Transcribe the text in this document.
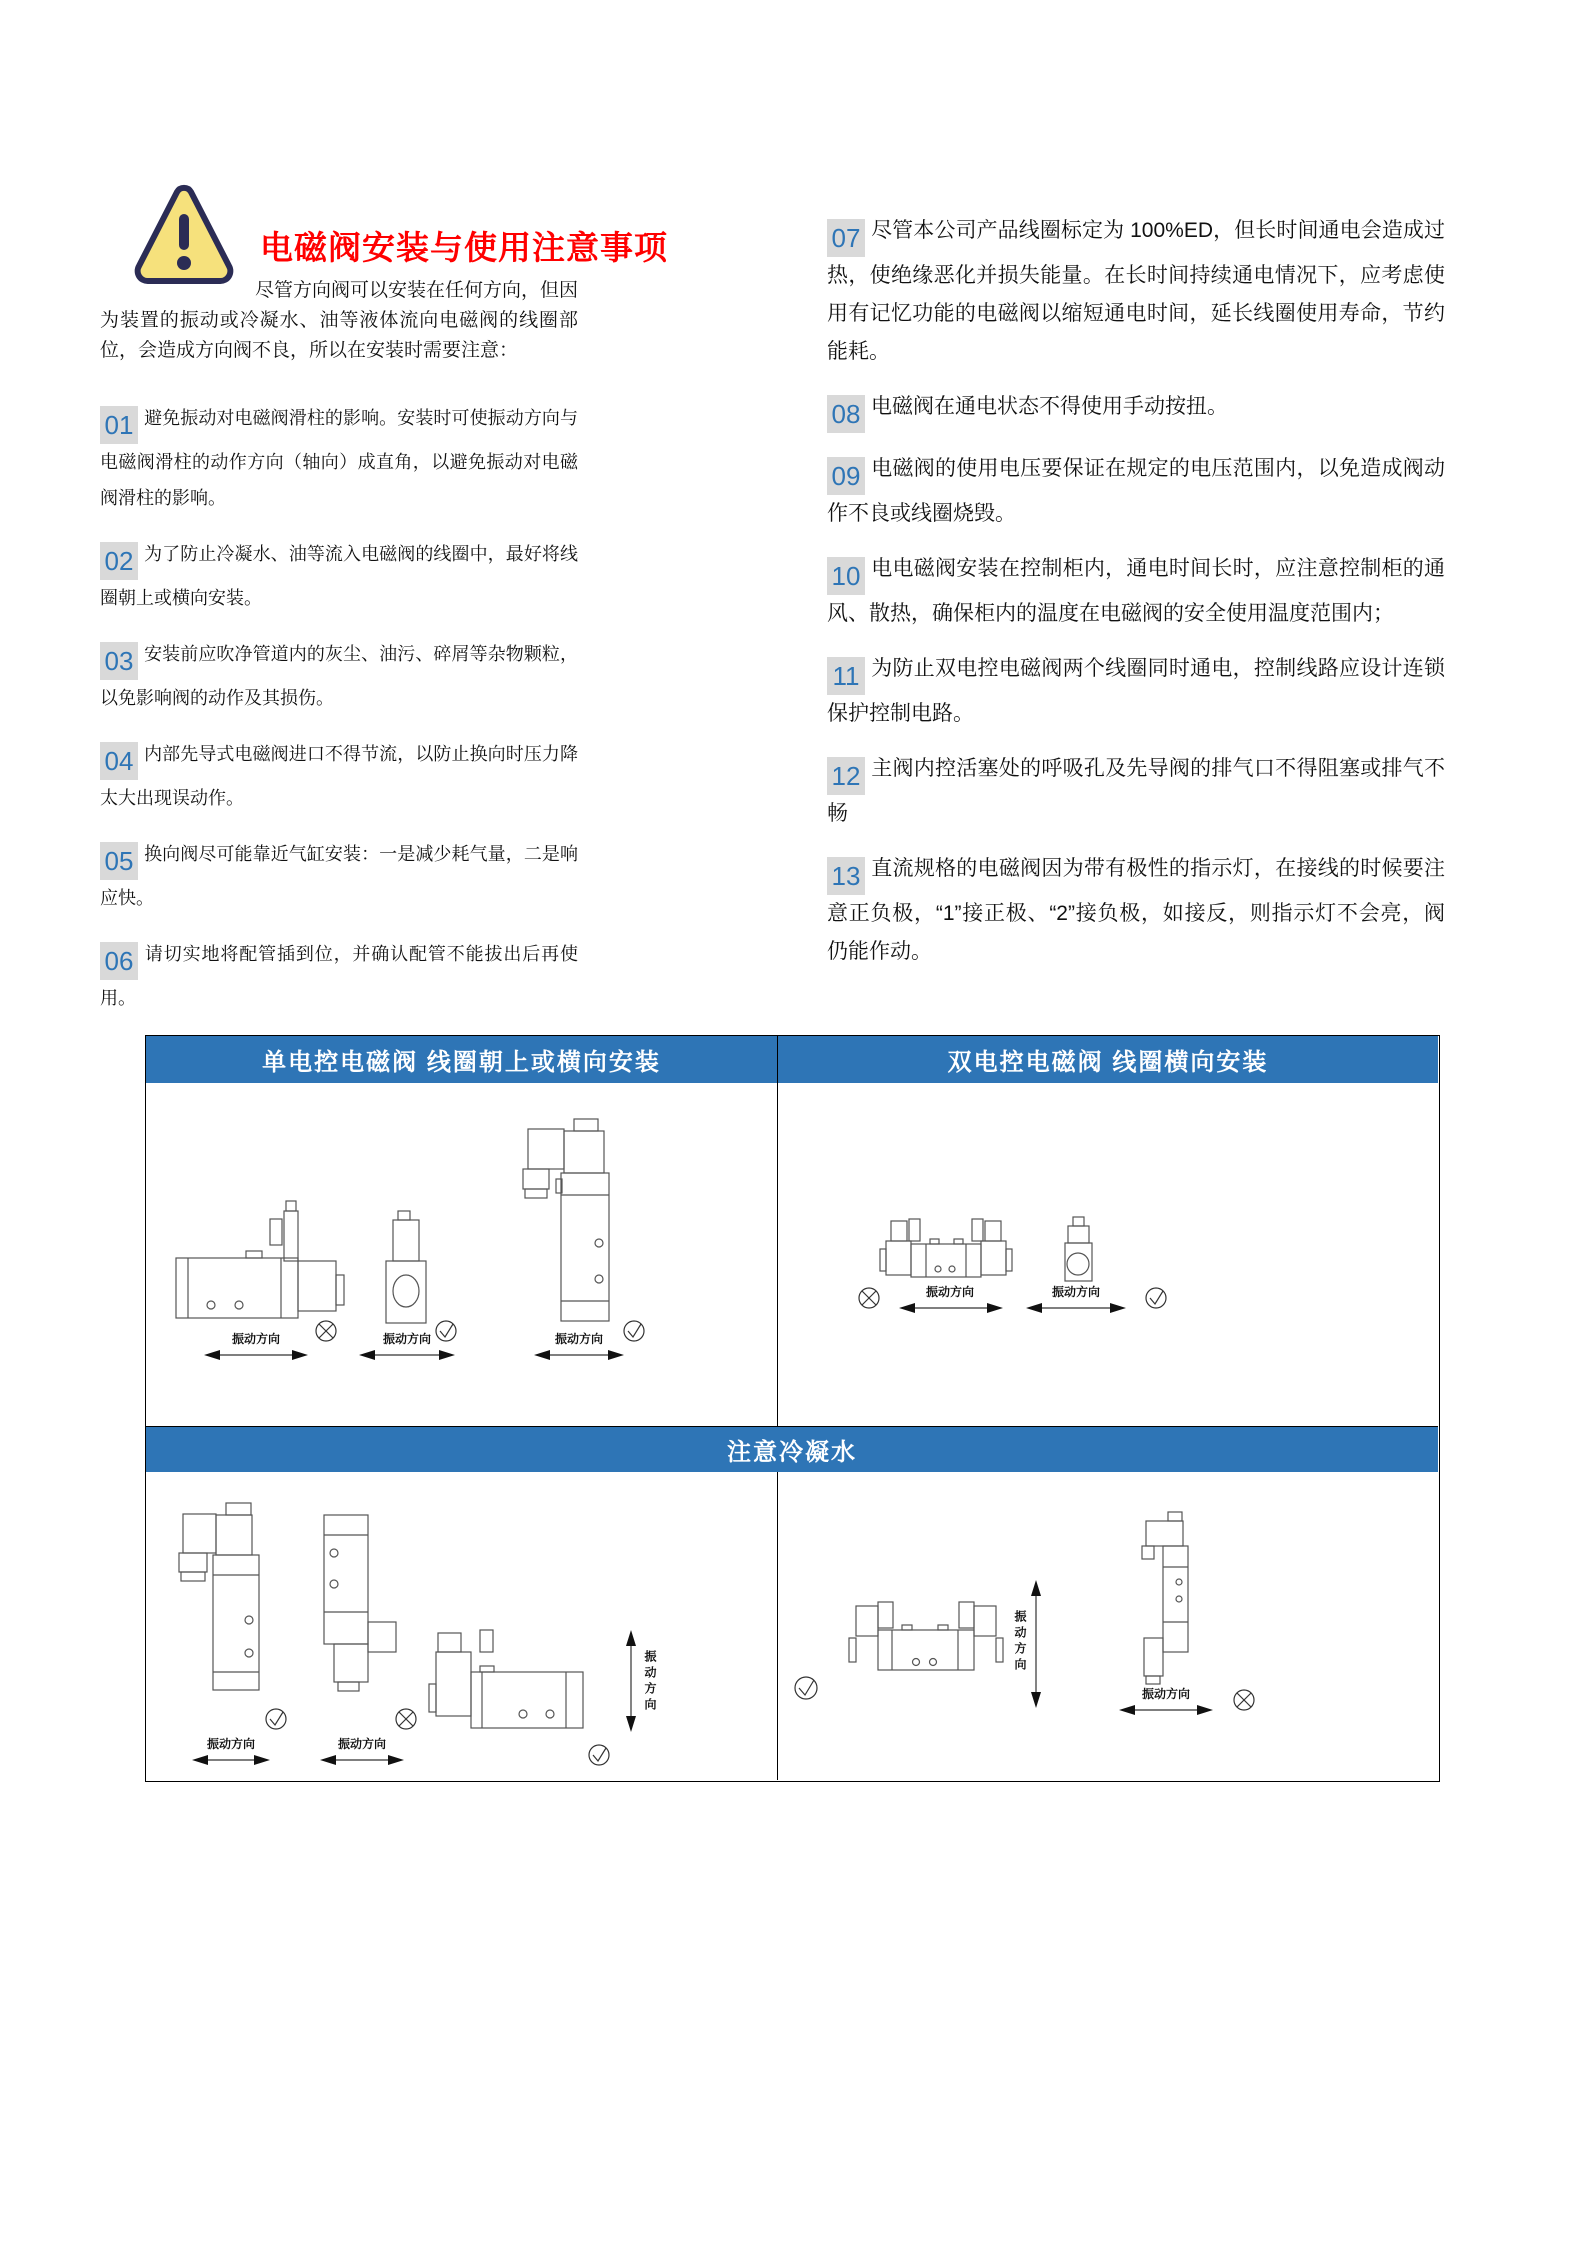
电磁阀安装与使用注意事项

尽管方向阀可以安装在任何方向，但因为装置的振动或冷凝水、油等液体流向电磁阀的线圈部位，会造成方向阀不良，所以在安装时需要注意：

01 避免振动对电磁阀滑柱的影响。安装时可使振动方向与电磁阀滑柱的动作方向（轴向）成直角，以避免振动对电磁阀滑柱的影响。
02 为了防止冷凝水、油等流入电磁阀的线圈中，最好将线圈朝上或横向安装。
03 安装前应吹净管道内的灰尘、油污、碎屑等杂物颗粒，以免影响阀的动作及其损伤。
04 内部先导式电磁阀进口不得节流，以防止换向时压力降太大出现误动作。
05 换向阀尽可能靠近气缸安装：一是减少耗气量，二是响应快。
06 请切实地将配管插到位，并确认配管不能拔出后再使用。
07 尽管本公司产品线圈标定为 100%ED，但长时间通电会造成过热，使绝缘恶化并损失能量。在长时间持续通电情况下，应考虑使用有记忆功能的电磁阀以缩短通电时间，延长线圈使用寿命，节约能耗。
08 电磁阀在通电状态不得使用手动按扭。
09 电磁阀的使用电压要保证在规定的电压范围内，以免造成阀动作不良或线圈烧毁。
10 电电磁阀安装在控制柜内，通电时间长时，应注意控制柜的通风、散热，确保柜内的温度在电磁阀的安全使用温度范围内；
11 为防止双电控电磁阀两个线圈同时通电，控制线路应设计连锁保护控制电路。
12 主阀内控活塞处的呼吸孔及先导阀的排气口不得阻塞或排气不畅
13 直流规格的电磁阀因为带有极性的指示灯，在接线的时候要注意正负极，“1”接正极、“2”接负极，如接反，则指示灯不会亮，阀仍能作动。
单电控电磁阀 线圈朝上或横向安装	双电控电磁阀 线圈横向安装
振动方向	振动方向	振动方向
振动方向	振动方向
注意冷凝水
振动方向	振动方向
振动方向
振动方向
振动方向
